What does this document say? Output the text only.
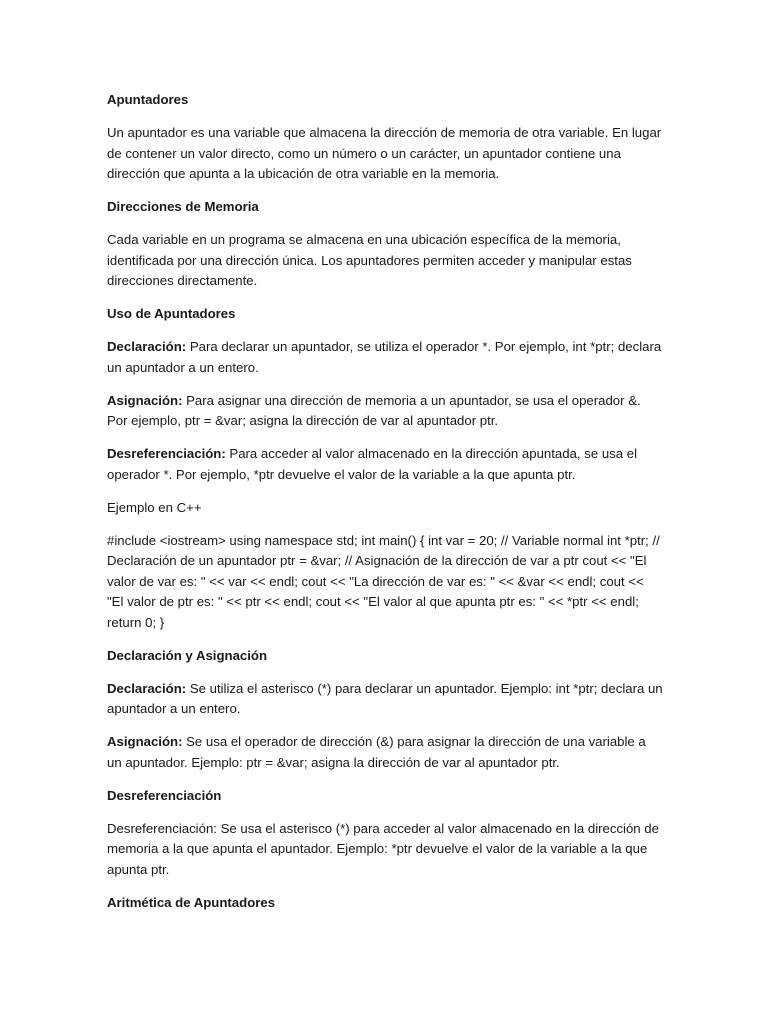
Apuntadores

Un apuntador es una variable que almacena la dirección de memoria de otra variable. En lugar de contener un valor directo, como un número o un carácter, un apuntador contiene una dirección que apunta a la ubicación de otra variable en la memoria.

Direcciones de Memoria

Cada variable en un programa se almacena en una ubicación específica de la memoria, identificada por una dirección única. Los apuntadores permiten acceder y manipular estas direcciones directamente.

Uso de Apuntadores

Declaración: Para declarar un apuntador, se utiliza el operador *. Por ejemplo, int *ptr; declara un apuntador a un entero.

Asignación: Para asignar una dirección de memoria a un apuntador, se usa el operador &. Por ejemplo, ptr = &var; asigna la dirección de var al apuntador ptr.

Desreferenciación: Para acceder al valor almacenado en la dirección apuntada, se usa el operador *. Por ejemplo, *ptr devuelve el valor de la variable a la que apunta ptr.

Ejemplo en C++

#include <iostream> using namespace std; int main() { int var = 20; // Variable normal int *ptr; // Declaración de un apuntador ptr = &var; // Asignación de la dirección de var a ptr cout << "El valor de var es: " << var << endl; cout << "La dirección de var es: " << &var << endl; cout << "El valor de ptr es: " << ptr << endl; cout << "El valor al que apunta ptr es: " << *ptr << endl; return 0; }

Declaración y Asignación

Declaración: Se utiliza el asterisco (*) para declarar un apuntador. Ejemplo: int *ptr; declara un apuntador a un entero.

Asignación: Se usa el operador de dirección (&) para asignar la dirección de una variable a un apuntador. Ejemplo: ptr = &var; asigna la dirección de var al apuntador ptr.

Desreferenciación

Desreferenciación: Se usa el asterisco (*) para acceder al valor almacenado en la dirección de memoria a la que apunta el apuntador. Ejemplo: *ptr devuelve el valor de la variable a la que apunta ptr.

Aritmética de Apuntadores
